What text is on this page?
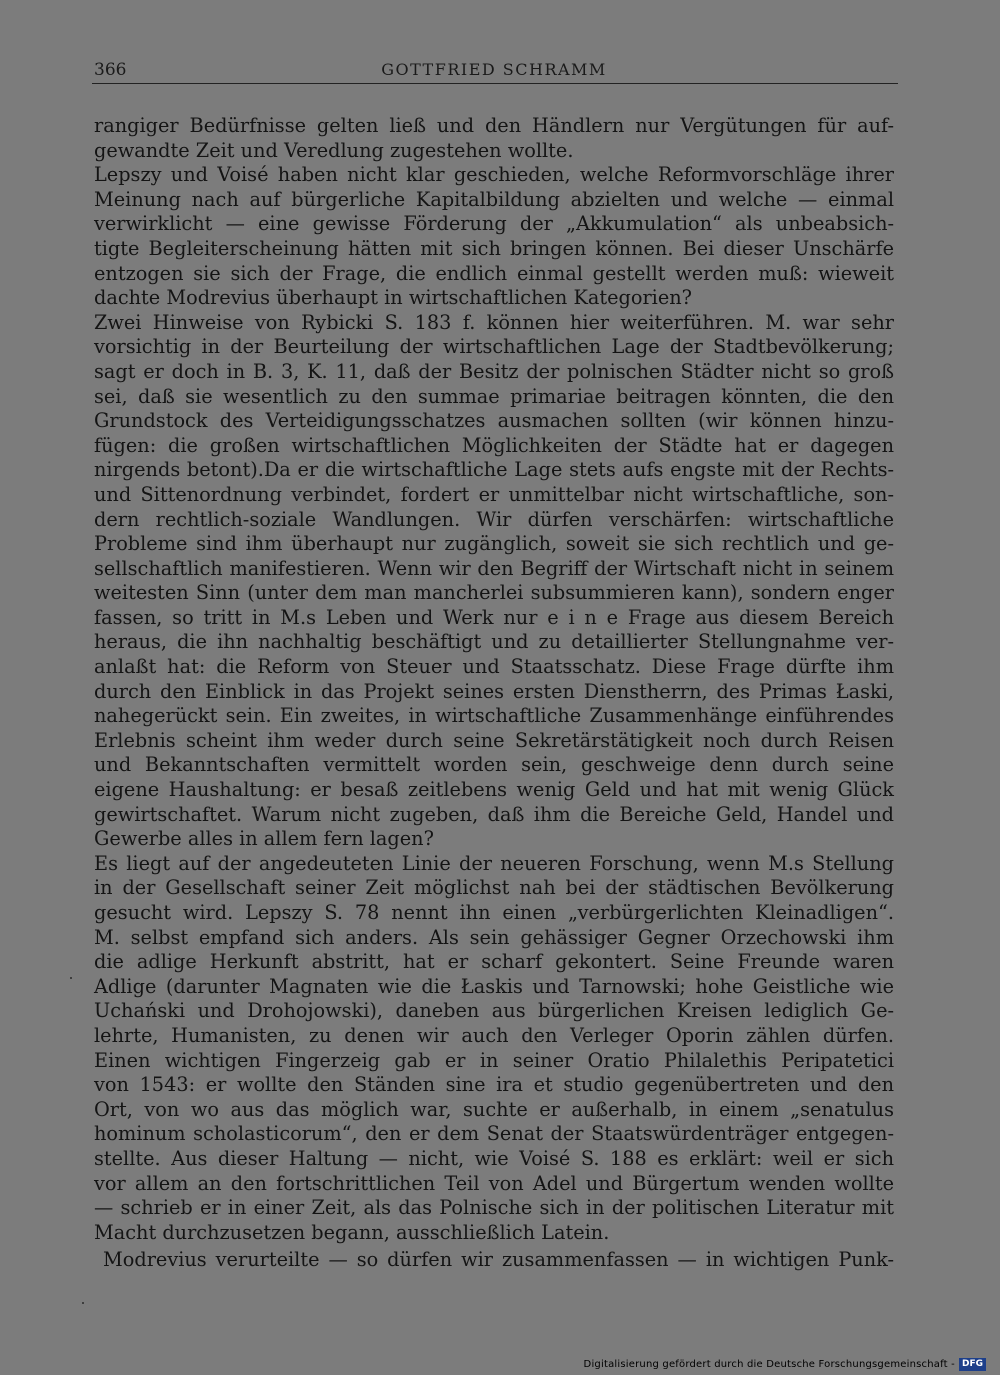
366	GOTTFRIED SCHRAMM
rangiger Bedürfnisse gelten ließ und den Händlern nur Vergütungen für auf-
gewandte Zeit und Veredlung zugestehen wollte.
Lepszy und Voisé haben nicht klar geschieden, welche Reformvorschläge ihrer
Meinung nach auf bürgerliche Kapitalbildung abzielten und welche — einmal
verwirklicht — eine gewisse Förderung der „Akkumulation“ als unbeabsich-
tigte Begleiterscheinung hätten mit sich bringen können. Bei dieser Unschärfe
entzogen sie sich der Frage, die endlich einmal gestellt werden muß: wieweit
dachte Modrevius überhaupt in wirtschaftlichen Kategorien?
Zwei Hinweise von Rybicki S. 183 f. können hier weiterführen. M. war sehr
vorsichtig in der Beurteilung der wirtschaftlichen Lage der Stadtbevölkerung;
sagt er doch in B. 3, K. 11, daß der Besitz der polnischen Städter nicht so groß
sei, daß sie wesentlich zu den summae primariae beitragen könnten, die den
Grundstock des Verteidigungsschatzes ausmachen sollten (wir können hinzu-
fügen: die großen wirtschaftlichen Möglichkeiten der Städte hat er dagegen
nirgends betont).Da er die wirtschaftliche Lage stets aufs engste mit der Rechts-
und Sittenordnung verbindet, fordert er unmittelbar nicht wirtschaftliche, son-
dern rechtlich-soziale Wandlungen. Wir dürfen verschärfen: wirtschaftliche
Probleme sind ihm überhaupt nur zugänglich, soweit sie sich rechtlich und ge-
sellschaftlich manifestieren. Wenn wir den Begriff der Wirtschaft nicht in seinem
weitesten Sinn (unter dem man mancherlei subsummieren kann), sondern enger
fassen, so tritt in M.s Leben und Werk nur e i n e Frage aus diesem Bereich
heraus, die ihn nachhaltig beschäftigt und zu detaillierter Stellungnahme ver-
anlaßt hat: die Reform von Steuer und Staatsschatz. Diese Frage dürfte ihm
durch den Einblick in das Projekt seines ersten Dienstherrn, des Primas Łaski,
nahegerückt sein. Ein zweites, in wirtschaftliche Zusammenhänge einführendes
Erlebnis scheint ihm weder durch seine Sekretärstätigkeit noch durch Reisen
und Bekanntschaften vermittelt worden sein, geschweige denn durch seine
eigene Haushaltung: er besaß zeitlebens wenig Geld und hat mit wenig Glück
gewirtschaftet. Warum nicht zugeben, daß ihm die Bereiche Geld, Handel und
Gewerbe alles in allem fern lagen?
Es liegt auf der angedeuteten Linie der neueren Forschung, wenn M.s Stellung
in der Gesellschaft seiner Zeit möglichst nah bei der städtischen Bevölkerung
gesucht wird. Lepszy S. 78 nennt ihn einen „verbürgerlichten Kleinadligen“.
M. selbst empfand sich anders. Als sein gehässiger Gegner Orzechowski ihm
die adlige Herkunft abstritt, hat er scharf gekontert. Seine Freunde waren
Adlige (darunter Magnaten wie die Łaskis und Tarnowski; hohe Geistliche wie
Uchański und Drohojowski), daneben aus bürgerlichen Kreisen lediglich Ge-
lehrte, Humanisten, zu denen wir auch den Verleger Oporin zählen dürfen.
Einen wichtigen Fingerzeig gab er in seiner Oratio Philalethis Peripatetici
von 1543: er wollte den Ständen sine ira et studio gegenübertreten und den
Ort, von wo aus das möglich war, suchte er außerhalb, in einem „senatulus
hominum scholasticorum“, den er dem Senat der Staatswürdenträger entgegen-
stellte. Aus dieser Haltung — nicht, wie Voisé S. 188 es erklärt: weil er sich
vor allem an den fortschrittlichen Teil von Adel und Bürgertum wenden wollte
— schrieb er in einer Zeit, als das Polnische sich in der politischen Literatur mit
Macht durchzusetzen begann, ausschließlich Latein.
Modrevius verurteilte — so dürfen wir zusammenfassen — in wichtigen Punk-
Digitalisierung gefördert durch die Deutsche Forschungsgemeinschaft - DFG
